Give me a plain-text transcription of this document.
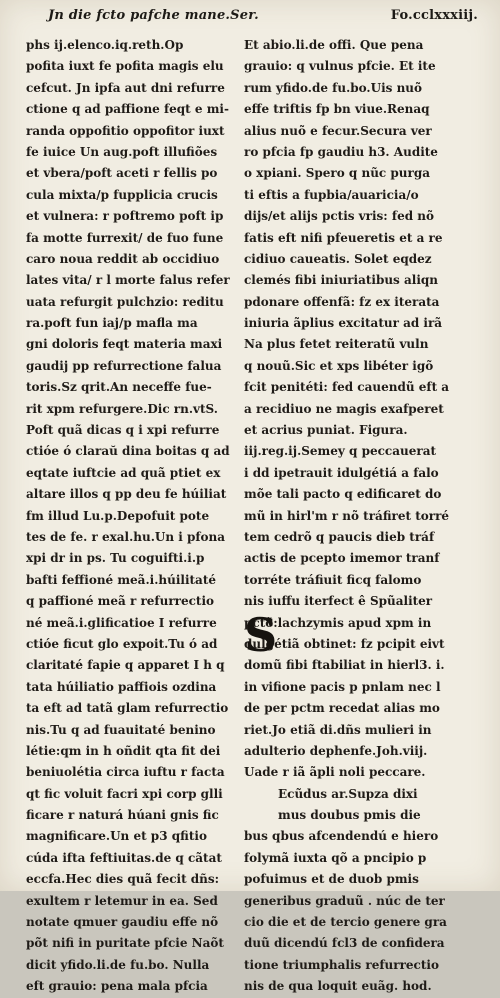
Jn die fcto pafche mane.Ser.	Fo.cclxxxiij.
phs ij.elenco.iq.reth.Op
pofita iuxt fe pofita magis elu
cefcut. Jn ipfa aut dni refurre
ctione q ad paffione feqt e mi-
randa oppofitio oppofitor iuxt
fe iuice Un aug.poft illufiões
et vbera/poft aceti r fellis po
cula mixta/p fupplicia crucis
et vulnera: r poftremo poft ip
fa motte furrexit/ de fuo fune
caro noua reddit ab occidiuo
lates vita/ r l morte falus refer
uata refurgit pulchzio: reditu
ra.poft fun iaj/p mafla ma
gni doloris feqt materia maxi
gaudij pp refurrectione falua
toris.Sz qrit.An neceffe fue-
rit xpm refurgere.Dic rn.vtS.
Poft quã dicas q i xpi refurre
ctióe ó claraŭ dina boitas q ad
eqtate iuftcie ad quã ptiet ex
altare illos q pp deu fe húiliat
fm illud Lu.p.Depofuit pote
tes de fe. r exal.hu.Un i pfona
xpi dr in ps. Tu coguifti.i.p
bafti feffioné meã.i.húilitaté
q paffioné meã r refurrectio
né meã.i.glificatioe I refurre
ctióe ficut glo expoit.Tu ó ad
claritaté fapie q apparet I h q
tata húiliatio paffiois ozdina
ta eft ad tatã glam refurrectio
nis.Tu q ad fuauitaté benino
létie:qm in h oñdit qta fit dei
beniuolétia circa iuftu r facta
qt fic voluit facri xpi corp glli
ficare r naturá húani gnis fic
magnificare.Un et p3 qfitio
cúda ifta feftiuitas.de q cãtat
eccfa.Hec dies quã fecit dñs:
exultem r letemur in ea. Sed
notate qmuer gaudiu effe nõ
põt nifi in puritate pfcie Naõt
dicit yfido.li.de fu.bo. Nulla
eft grauio: pena mala pfcia
Et abio.li.de offi. Que pena
grauio: q vulnus pfcie. Et ite
rum yfido.de fu.bo.Uis nuõ
effe triftis fp bn viue.Renaq
alius nuõ e fecur.Secura ver
ro pfcia fp gaudiu h3. Audite
o xpiani. Spero q nũc purga
ti eftis a fupbia/auaricia/o
dijs/et alijs pctis vris: fed nõ
fatis eft nifi pfeueretis et a re
cidiuo caueatis. Solet eqdez
clemés fibi iniuriatibus aliqn
pdonare offenfã: fz ex iterata
iniuria ãplius excitatur ad irã
Na plus fetet reiteratũ vuln
q nouũ.Sic et xps libéter igõ
fcit penitéti: fed cauendũ eft a
a recidiuo ne magis exafperet
et acrius puniat. Figura.
iij.reg.ij.Semey q peccauerat
i dd ipetrauit idulgétiá a falo
mõe tali pacto q edificaret do
mũ in hirl'm r nõ tráfiret torré
tem cedrõ q paucis dieb tráf
actis de pcepto imemor tranf
torréte tráfiuit ficq falomo
nis iuffu iterfect ê Spũaliter
pctõ:lachzymis apud xpm in
dulgétiã obtinet: fz pcipit eivt
domũ fibi ftabiliat in hierl3. i.
in vifione pacis p pnlam nec l
de per pctm recedat alias mo
riet.Jo etiã di.dñs mulieri in
adulterio dephenfe.Joh.viij.
Uade r iã ãpli noli peccare.
Ecũdus ar.Supza dixi
mus doubus pmis die
bus qbus afcendendú e hiero
folymã iuxta qõ a pncipio p
pofuimus et de duob pmis
generibus graduũ . núc de ter
cio die et de tercio genere gra
duũ dicendú fcl3 de confidera
tione triumphalis refurrectio
nis de qua loquit euãg. hod.
S
